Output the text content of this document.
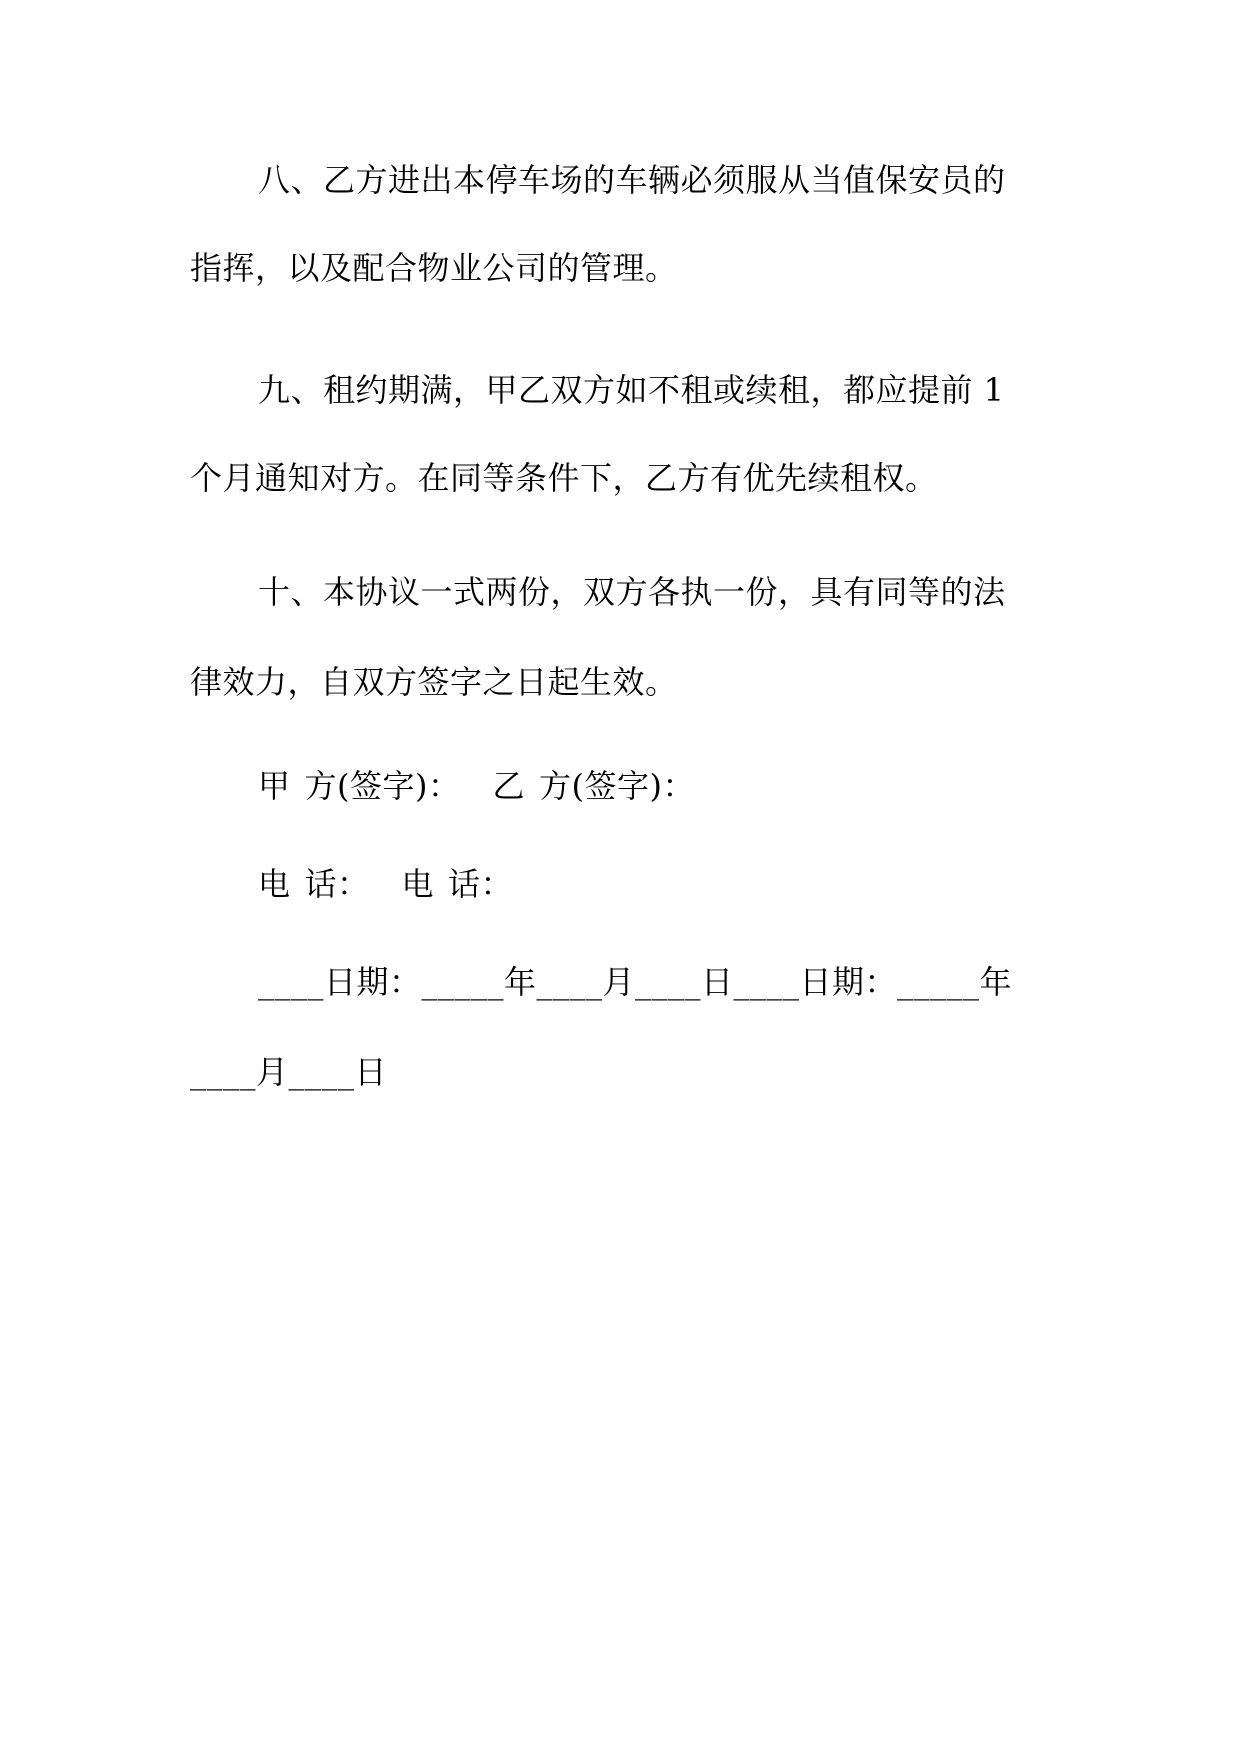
八、乙方进出本停车场的车辆必须服从当值保安员的

指挥，以及配合物业公司的管理。

九、租约期满，甲乙双方如不租或续租，都应提前 1

个月通知对方。在同等条件下，乙方有优先续租权。

十、本协议一式两份，双方各执一份，具有同等的法

律效力，自双方签字之日起生效。

甲 方(签字)： 乙 方(签字)：

电 话： 电 话：

____日期：_____年____月____日____日期：_____年

____月____日
